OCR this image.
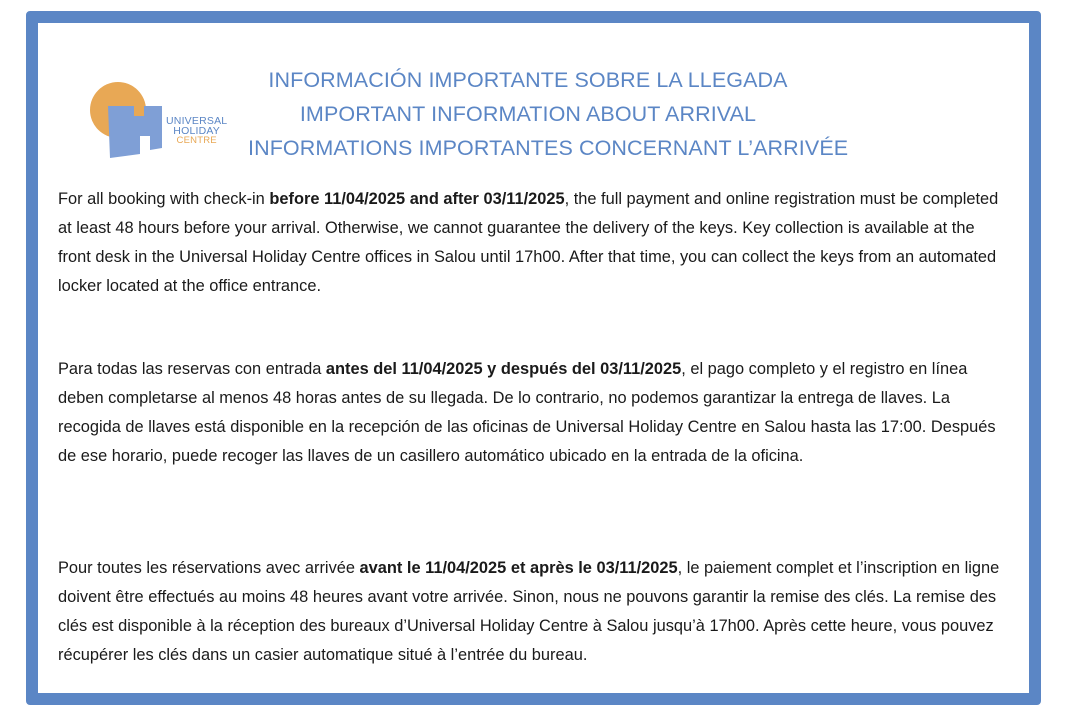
UNIVERSAL
HOLIDAY
CENTRE
INFORMACIÓN IMPORTANTE SOBRE LA LLEGADA
IMPORTANT INFORMATION ABOUT ARRIVAL
INFORMATIONS IMPORTANTES CONCERNANT L’ARRIVÉE
For all booking with check-in before 11/04/2025 and after 03/11/2025, the full payment and online registration must be completed at least 48 hours before your arrival. Otherwise, we cannot guarantee the delivery of the keys. Key collection is available at the front desk in the Universal Holiday Centre offices in Salou until 17h00. After that time, you can collect the keys from an automated locker located at the office entrance.
Para todas las reservas con entrada antes del 11/04/2025 y después del 03/11/2025, el pago completo y el registro en línea deben completarse al menos 48 horas antes de su llegada. De lo contrario, no podemos garantizar la entrega de llaves. La recogida de llaves está disponible en la recepción de las oficinas de Universal Holiday Centre en Salou hasta las 17:00. Después de ese horario, puede recoger las llaves de un casillero automático ubicado en la entrada de la oficina.
Pour toutes les réservations avec arrivée avant le 11/04/2025 et après le 03/11/2025, le paiement complet et l’inscription en ligne doivent être effectués au moins 48 heures avant votre arrivée. Sinon, nous ne pouvons garantir la remise des clés. La remise des clés est disponible à la réception des bureaux d’Universal Holiday Centre à Salou jusqu’à 17h00. Après cette heure, vous pouvez récupérer les clés dans un casier automatique situé à l’entrée du bureau.
